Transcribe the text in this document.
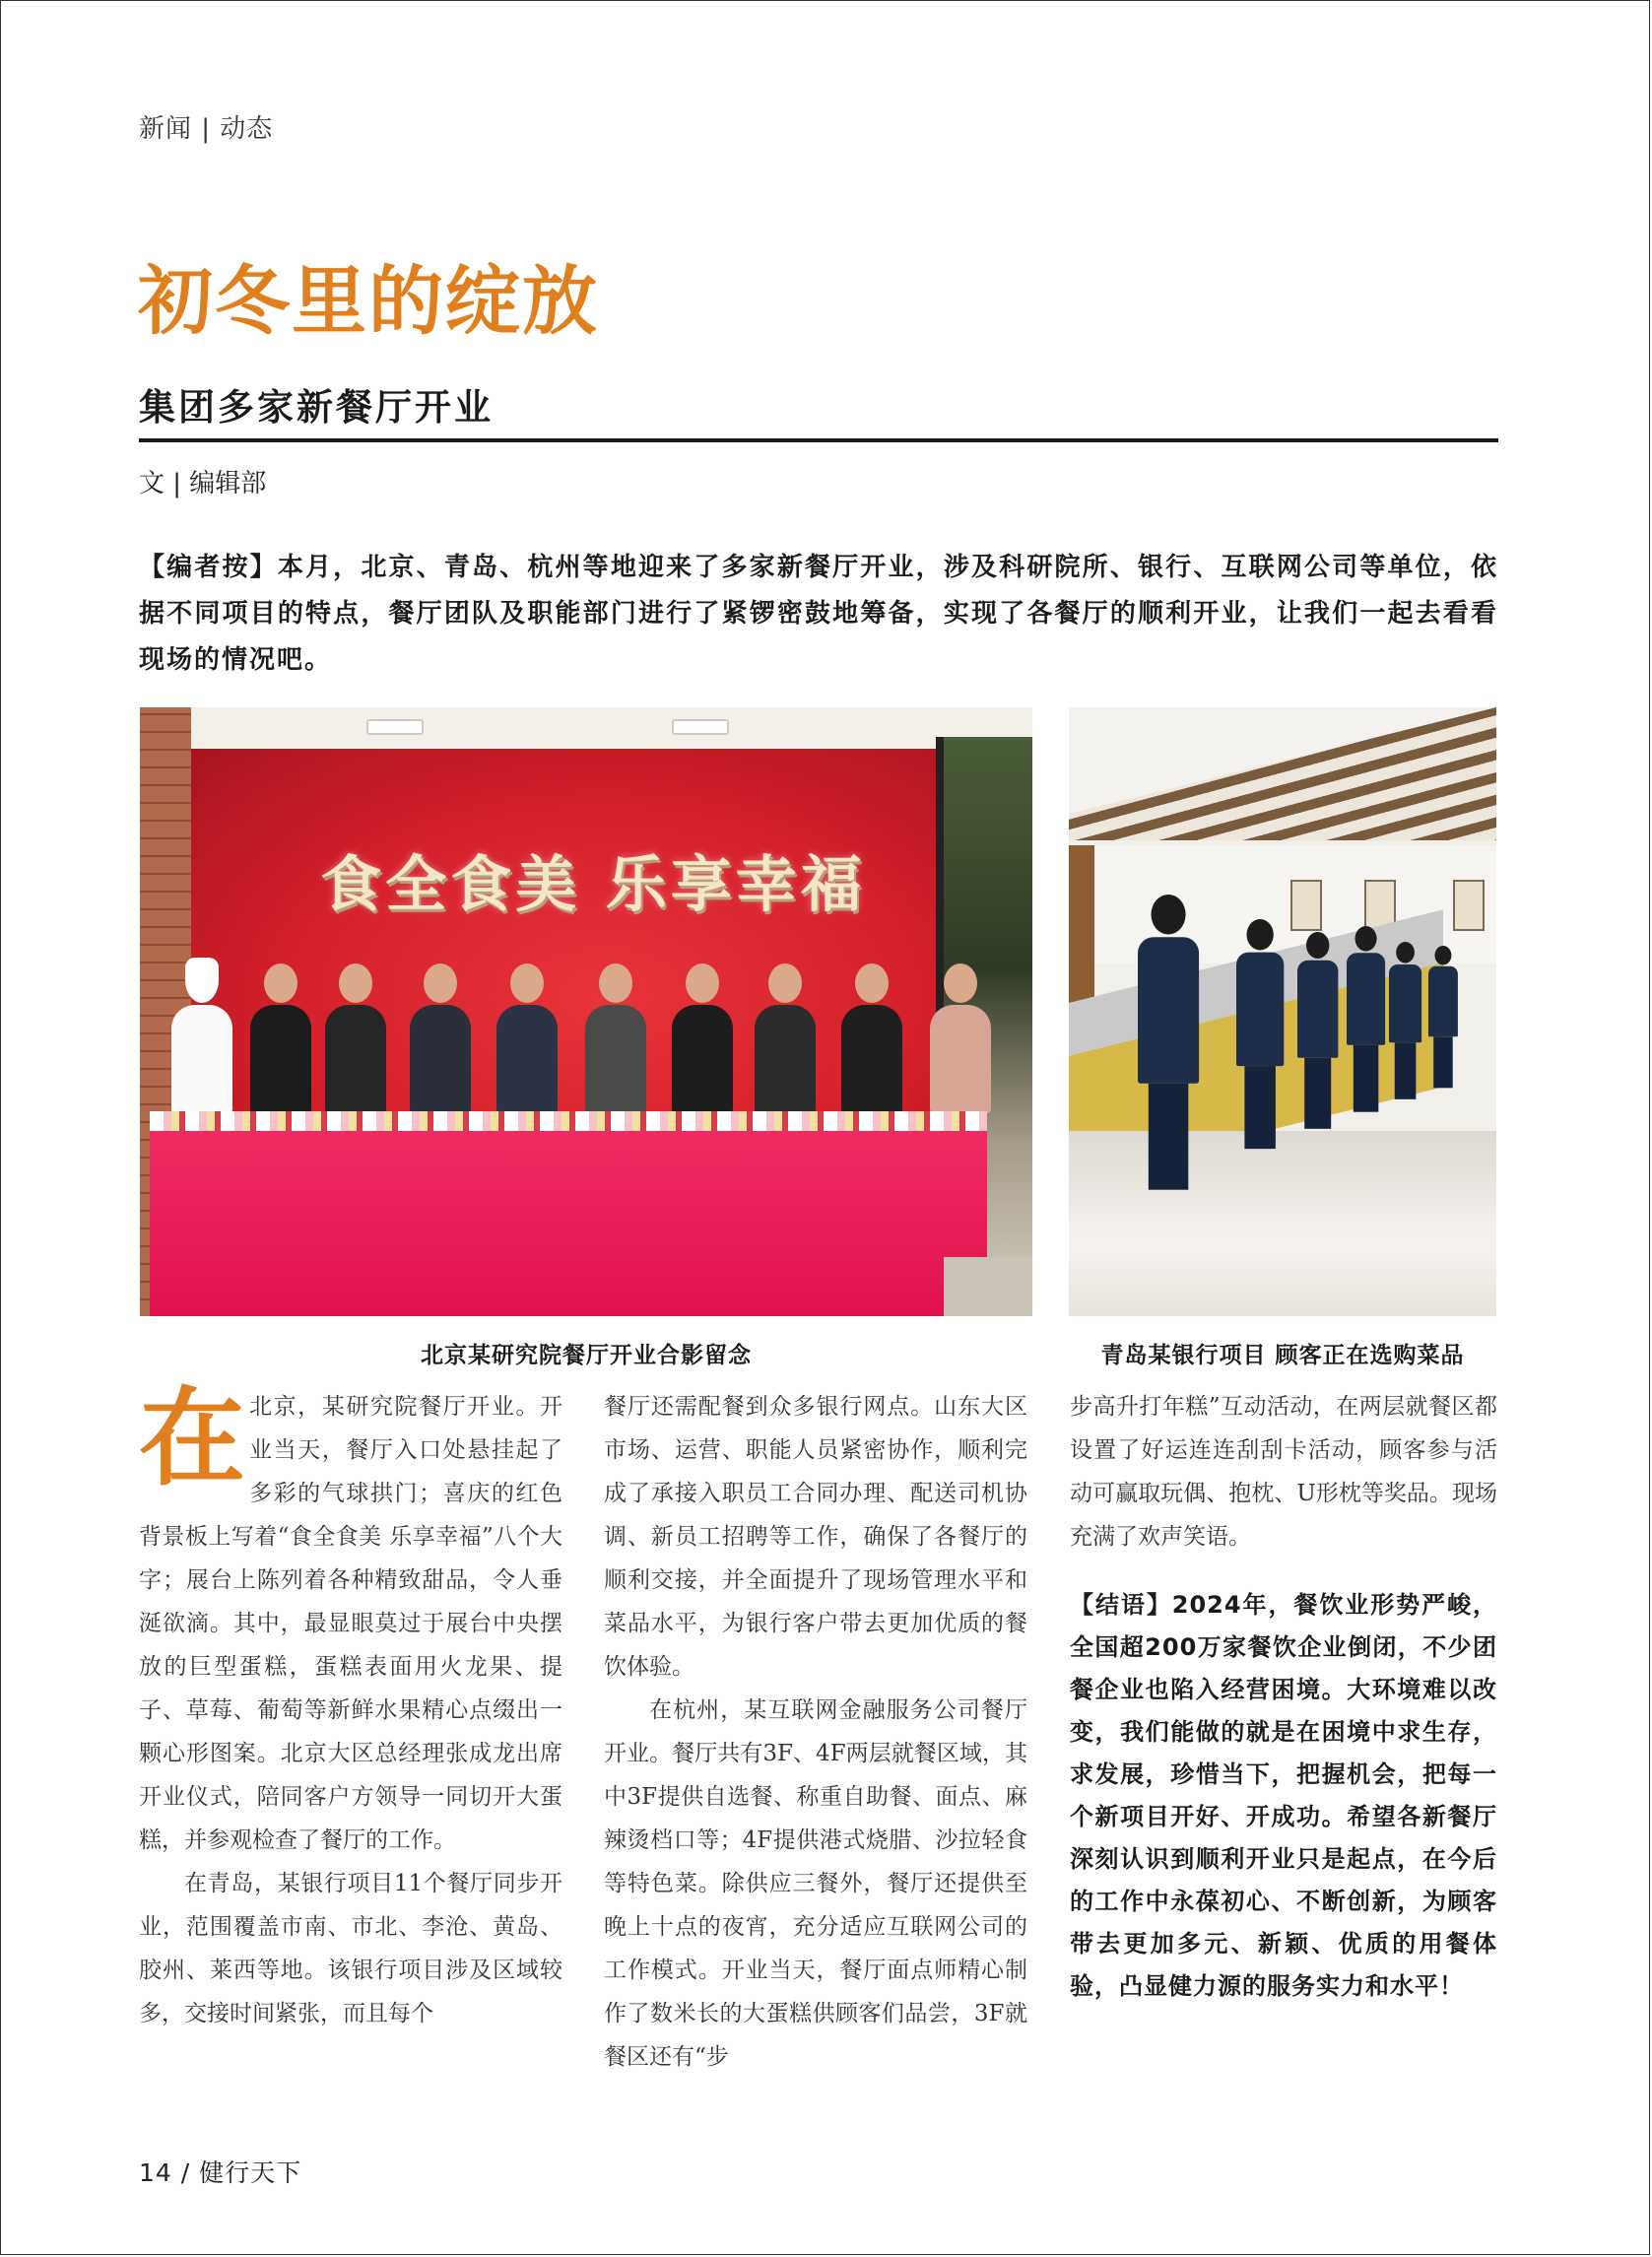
新闻 | 动态
初冬里的绽放
集团多家新餐厅开业
文 | 编辑部
【编者按】本月，北京、青岛、杭州等地迎来了多家新餐厅开业，涉及科研院所、银行、互联网公司等单位，依据不同项目的特点，餐厅团队及职能部门进行了紧锣密鼓地筹备，实现了各餐厅的顺利开业，让我们一起去看看现场的情况吧。
食全食美 乐享幸福
北京某研究院餐厅开业合影留念	青岛某银行项目 顾客正在选购菜品
在 北京，某研究院餐厅开业。开业当天，餐厅入口处悬挂起了多彩的气球拱门；喜庆的红色背景板上写着“食全食美 乐享幸福”八个大字；展台上陈列着各种精致甜品，令人垂涎欲滴。其中，最显眼莫过于展台中央摆放的巨型蛋糕，蛋糕表面用火龙果、提子、草莓、葡萄等新鲜水果精心点缀出一颗心形图案。北京大区总经理张成龙出席开业仪式，陪同客户方领导一同切开大蛋糕，并参观检查了餐厅的工作。

在青岛，某银行项目11个餐厅同步开业，范围覆盖市南、市北、李沧、黄岛、胶州、莱西等地。该银行项目涉及区域较多，交接时间紧张，而且每个

餐厅还需配餐到众多银行网点。山东大区市场、运营、职能人员紧密协作，顺利完成了承接入职员工合同办理、配送司机协调、新员工招聘等工作，确保了各餐厅的顺利交接，并全面提升了现场管理水平和菜品水平，为银行客户带去更加优质的餐饮体验。

在杭州，某互联网金融服务公司餐厅开业。餐厅共有3F、4F两层就餐区域，其中3F提供自选餐、称重自助餐、面点、麻辣烫档口等；4F提供港式烧腊、沙拉轻食等特色菜。除供应三餐外，餐厅还提供至晚上十点的夜宵，充分适应互联网公司的工作模式。开业当天，餐厅面点师精心制作了数米长的大蛋糕供顾客们品尝，3F就餐区还有“步

步高升打年糕”互动活动，在两层就餐区都设置了好运连连刮刮卡活动，顾客参与活动可赢取玩偶、抱枕、U形枕等奖品。现场充满了欢声笑语。

【结语】2024年，餐饮业形势严峻，全国超200万家餐饮企业倒闭，不少团餐企业也陷入经营困境。大环境难以改变，我们能做的就是在困境中求生存，求发展，珍惜当下，把握机会，把每一个新项目开好、开成功。希望各新餐厅深刻认识到顺利开业只是起点，在今后的工作中永葆初心、不断创新，为顾客带去更加多元、新颖、优质的用餐体验，凸显健力源的服务实力和水平！

14 / 健行天下
